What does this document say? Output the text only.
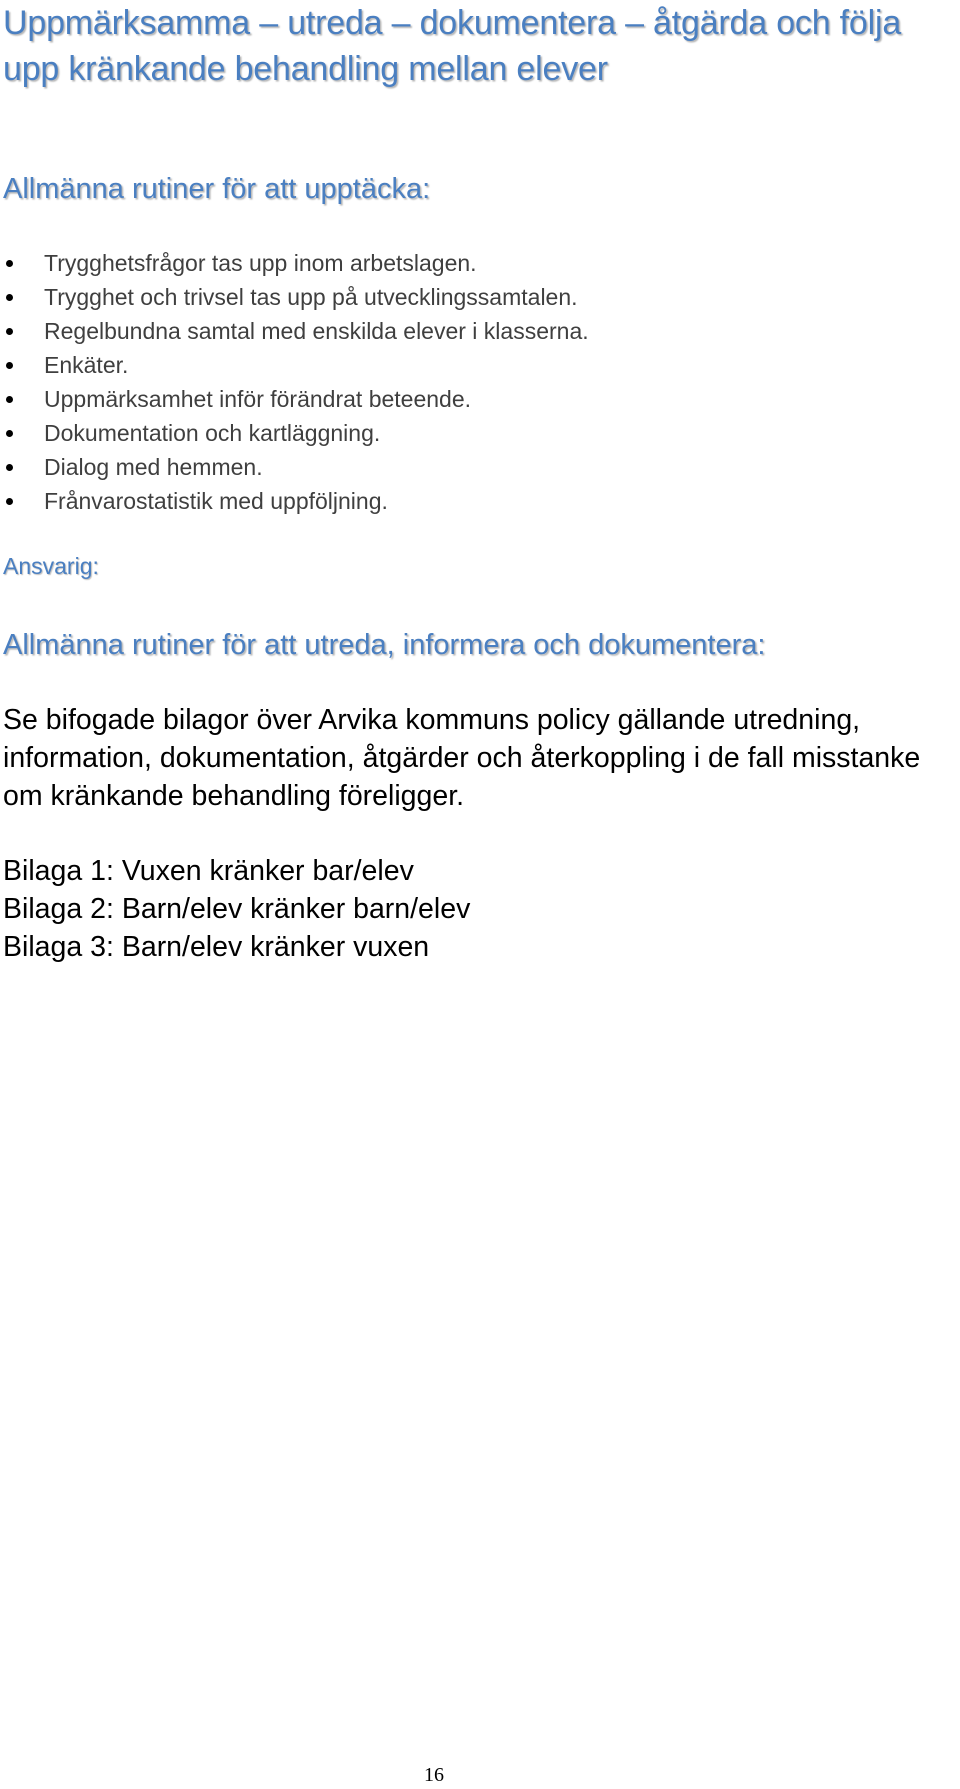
Uppmärksamma – utreda – dokumentera – åtgärda och följa upp kränkande behandling mellan elever
Allmänna rutiner för att upptäcka:
Trygghetsfrågor tas upp inom arbetslagen.
Trygghet och trivsel tas upp på utvecklingssamtalen.
Regelbundna samtal med enskilda elever i klasserna.
Enkäter.
Uppmärksamhet inför förändrat beteende.
Dokumentation och kartläggning.
Dialog med hemmen.
Frånvarostatistik med uppföljning.

Ansvarig:

Allmänna rutiner för att utreda, informera och dokumentera:

Se bifogade bilagor över Arvika kommuns policy gällande utredning, information, dokumentation, åtgärder och återkoppling i de fall misstanke om kränkande behandling föreligger.

Bilaga 1: Vuxen kränker bar/elev
Bilaga 2: Barn/elev kränker barn/elev
Bilaga 3: Barn/elev kränker vuxen
16
